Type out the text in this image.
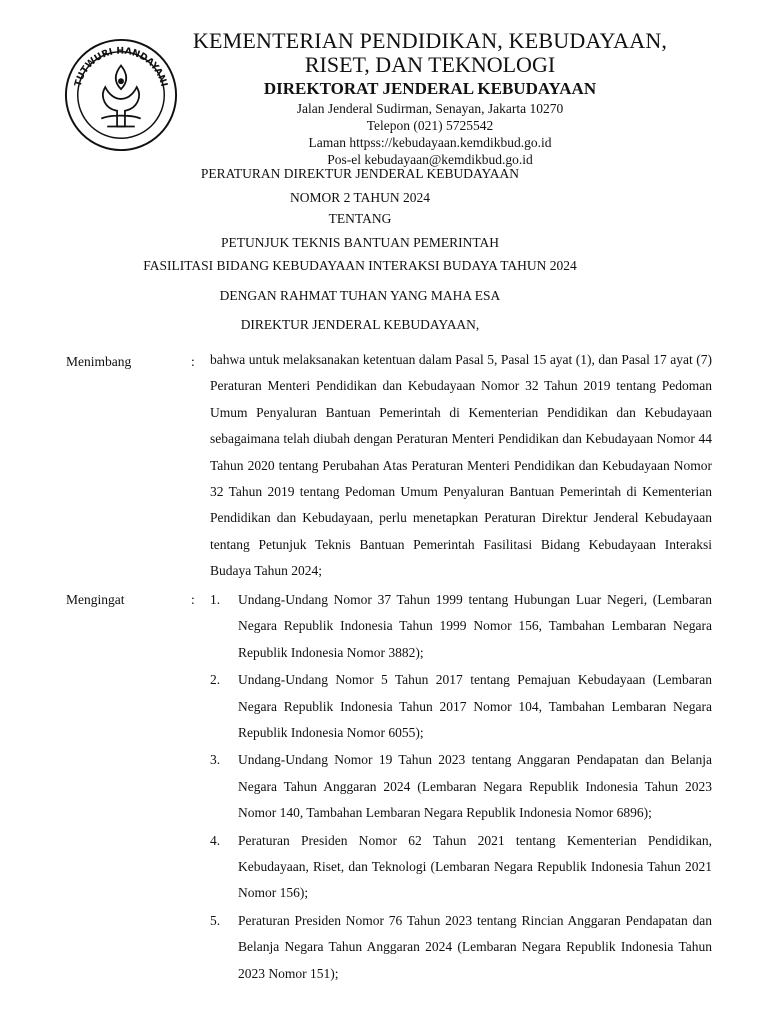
TUTWURI HANDAYANI
KEMENTERIAN PENDIDIKAN, KEBUDAYAAN,
RISET, DAN TEKNOLOGI
DIREKTORAT JENDERAL KEBUDAYAAN
Jalan Jenderal Sudirman, Senayan, Jakarta 10270
Telepon (021) 5725542
Laman httpss://kebudayaan.kemdikbud.go.id
Pos-el kebudayaan@kemdikbud.go.id
PERATURAN DIREKTUR JENDERAL KEBUDAYAAN
NOMOR 2 TAHUN 2024
TENTANG
PETUNJUK TEKNIS BANTUAN PEMERINTAH
FASILITASI BIDANG KEBUDAYAAN INTERAKSI BUDAYA TAHUN 2024
DENGAN RAHMAT TUHAN YANG MAHA ESA
DIREKTUR JENDERAL KEBUDAYAAN,
Menimbang	: bahwa untuk melaksanakan ketentuan dalam Pasal 5, Pasal 15 ayat (1), dan Pasal 17 ayat (7) Peraturan Menteri Pendidikan dan Kebudayaan Nomor 32 Tahun 2019 tentang Pedoman Umum Penyaluran Bantuan Pemerintah di Kementerian Pendidikan dan Kebudayaan sebagaimana telah diubah dengan Peraturan Menteri Pendidikan dan Kebudayaan Nomor 44 Tahun 2020 tentang Perubahan Atas Peraturan Menteri Pendidikan dan Kebudayaan Nomor 32 Tahun 2019 tentang Pedoman Umum Penyaluran Bantuan Pemerintah di Kementerian Pendidikan dan Kebudayaan, perlu menetapkan Peraturan Direktur Jenderal Kebudayaan tentang Petunjuk Teknis Bantuan Pemerintah Fasilitasi Bidang Kebudayaan Interaksi Budaya Tahun 2024;
Mengingat	: 1.	Undang-Undang Nomor 37 Tahun 1999 tentang Hubungan Luar Negeri, (Lembaran Negara Republik Indonesia Tahun 1999 Nomor 156, Tambahan Lembaran Negara Republik Indonesia Nomor 3882);
2.	Undang-Undang Nomor 5 Tahun 2017 tentang Pemajuan Kebudayaan (Lembaran Negara Republik Indonesia Tahun 2017 Nomor 104, Tambahan Lembaran Negara Republik Indonesia Nomor 6055);
3.	Undang-Undang Nomor 19 Tahun 2023 tentang Anggaran Pendapatan dan Belanja Negara Tahun Anggaran 2024 (Lembaran Negara Republik Indonesia Tahun 2023 Nomor 140, Tambahan Lembaran Negara Republik Indonesia Nomor 6896);
4.	Peraturan Presiden Nomor 62 Tahun 2021 tentang Kementerian Pendidikan, Kebudayaan, Riset, dan Teknologi (Lembaran Negara Republik Indonesia Tahun 2021 Nomor 156);
5.	Peraturan Presiden Nomor 76 Tahun 2023 tentang Rincian Anggaran Pendapatan dan Belanja Negara Tahun Anggaran 2024 (Lembaran Negara Republik Indonesia Tahun 2023 Nomor 151);
